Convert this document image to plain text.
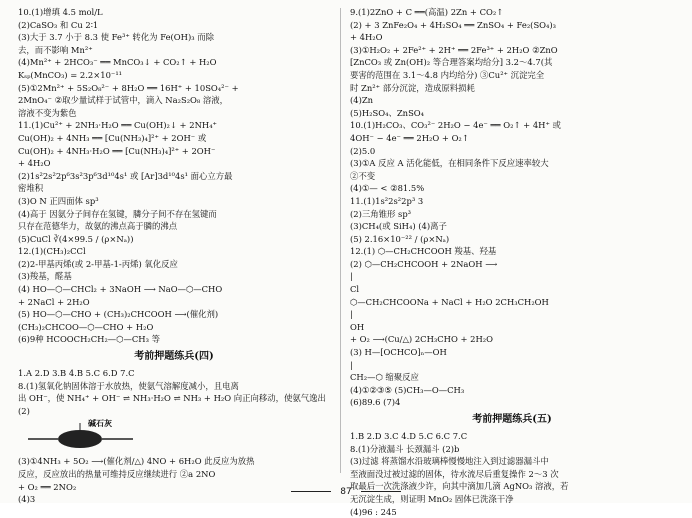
10.(1)增填 4.5 mol/L
(2)CaSO₃ 和 Cu 2∶1
(3)大于 3.7 小于 8.3 使 Fe³⁺ 转化为 Fe(OH)₃ 而除
去，而不影响 Mn²⁺
(4)Mn²⁺ + 2HCO₃⁻ ══ MnCO₃↓ + CO₂↑ + H₂O
Kₛₚ(MnCO₃) = 2.2×10⁻¹¹
(5)①2Mn²⁺ + 5S₂O₈²⁻ + 8H₂O ══ 16H⁺ + 10SO₄²⁻ +
2MnO₄⁻ ②取少量试样于试管中，滴入 Na₂S₂O₈ 溶液，
溶液不变为紫色
11.(1)Cu²⁺ + 2NH₃·H₂O ══ Cu(OH)₂↓ + 2NH₄⁺
Cu(OH)₂ + 4NH₃ ══ [Cu(NH₃)₄]²⁺ + 2OH⁻ 或
Cu(OH)₂ + 4NH₃·H₂O ══ [Cu(NH₃)₄]²⁺ + 2OH⁻
+ 4H₂O
(2)1s²2s²2p⁶3s²3p⁶3d¹⁰4s¹ 或 [Ar]3d¹⁰4s¹ 面心立方最
密堆积
(3)O N 正四面体 sp³
(4)高于 因氨分子间存在氢键，膦分子间不存在氢键而
只存在范德华力，故氨的沸点高于膦的沸点
(5)CuCl ∛(4×99.5 / (ρ×Nₐ))
12.(1)(CH₃)₂CCl
(2)2-甲基丙烯(或 2-甲基-1-丙烯) 氧化反应
(3)羧基，醛基
(4) HO—⬡—CHCl₂ + 3NaOH ⟶ NaO—⬡—CHO
+ 2NaCl + 2H₂O
(5) HO—⬡—CHO + (CH₃)₂CHCOOH ⟶(催化剂)
(CH₃)₂CHCOO—⬡—CHO + H₂O
(6)9种 HCOOCH₂CH₂—⬡—CH₃ 等
考前押题练兵(四)
1.A 2.D 3.B 4.B 5.C 6.D 7.C
8.(1)氢氧化钠固体溶于水放热，使氨气溶解度减小，且电离
出 OH⁻，使 NH₄⁺ + OH⁻ ⇌ NH₃·H₂O ⇌ NH₃ + H₂O 向正向移动，使氨气逸出
(2)
碱石灰
(3)①4NH₃ + 5O₂ ⟶(催化剂/△) 4NO + 6H₂O 此反应为放热
反应，反应放出的热量可维持反应继续进行 ②a 2NO
+ O₂ ══ 2NO₂
(4)3
9.(1)2ZnO + C ══(高温) 2Zn + CO₂↑
(2) + 3 ZnFe₂O₄ + 4H₂SO₄ ══ ZnSO₄ + Fe₂(SO₄)₃
+ 4H₂O
(3)①H₂O₂ + 2Fe²⁺ + 2H⁺ ══ 2Fe³⁺ + 2H₂O ②ZnO
[ZnCO₃ 或 Zn(OH)₂ 等合理答案均给分] 3.2～4.7(其
要害的范围在 3.1～4.8 内均给分) ③Cu²⁺ 沉淀完全
时 Zn²⁺ 部分沉淀，造成原料损耗
(4)Zn
(5)H₂SO₄、ZnSO₄
10.(1)H₂CO₃、CO₃²⁻ 2H₂O − 4e⁻ ══ O₂↑ + 4H⁺ 或
4OH⁻ − 4e⁻ ══ 2H₂O + O₂↑
(2)5.0
(3)①A 反应 A 活化能低，在相同条件下反应速率较大
②不变
(4)①— < ②81.5%
11.(1)1s²2s²2p³ 3
(2)三角锥形 sp³
(3)CH₄(或 SiH₄) (4)离子
(5) 2.16×10⁻²² / (ρ×Nₐ)
12.(1) ⬡—CH₂CHCOOH 羧基、羟基
(2) ⬡—CH₂CHCOOH + 2NaOH ⟶
|
Cl
⬡—CH₂CHCOONa + NaCl + H₂O 2CH₃CH₂OH
|
OH
+ O₂ ⟶(Cu/△) 2CH₃CHO + 2H₂O
(3) H—[OCHCO]ₙ—OH
|
CH₂—⬡ 缩聚反应
(4)①②③⑤ (5)CH₃—O—CH₃
(6)89.6 (7)4
考前押题练兵(五)
1.B 2.D 3.C 4.D 5.C 6.C 7.C
8.(1)分液漏斗 长颈漏斗 (2)b
(3)过滤 将蒸馏水沿玻璃棒慢慢地注入到过滤器漏斗中
至液面没过被过滤的固体，待水流尽后重复操作 2～3 次
取最后一次洗涤液少许，向其中滴加几滴 AgNO₃ 溶液，若
无沉淀生成，则证明 MnO₂ 固体已洗涤干净
(4)96 : 245
87
